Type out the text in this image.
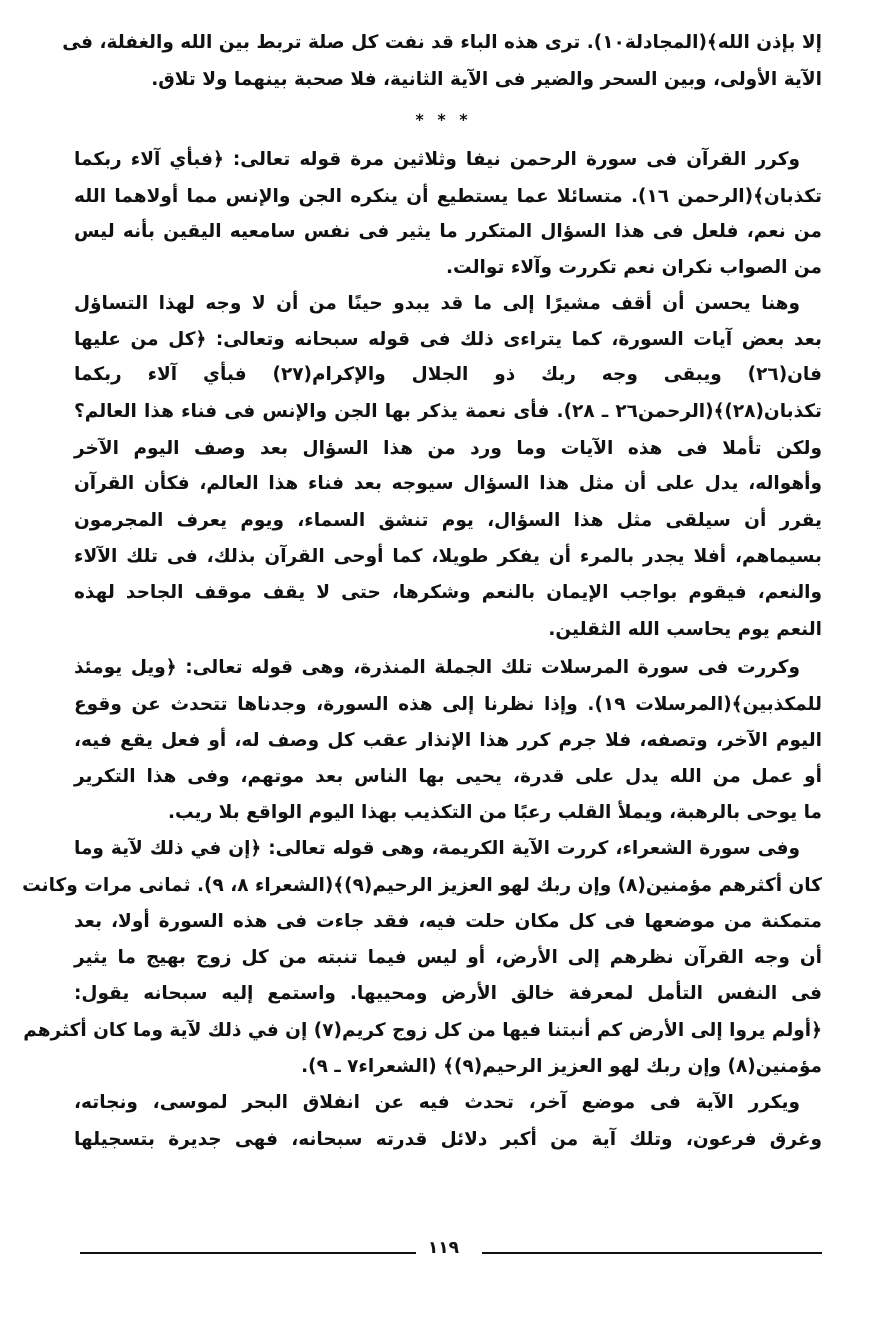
* * *
١١٩
إلا بإذن الله﴾(المجادلة١٠). ترى هذه الباء قد نفت كل صلة تربط بين الله والغفلة، فى
الآية الأولى، وبين السحر والضير فى الآية الثانية، فلا صحبة بينهما ولا تلاق.
وكرر القرآن فى سورة الرحمن نيفا وثلاثين مرة قوله تعالى: ﴿فبأي آلاء ربكما
تكذبان﴾(الرحمن ١٦). متسائلا عما يستطيع أن ينكره الجن والإنس مما أولاهما الله
من نعم، فلعل فى هذا السؤال المتكرر ما يثير فى نفس سامعيه اليقين بأنه ليس
من الصواب نكران نعم تكررت وآلاء توالت.
وهنا يحسن أن أقف مشيرًا إلى ما قد يبدو حينًا من أن لا وجه لهذا التساؤل
بعد بعض آيات السورة، كما يتراءى ذلك فى قوله سبحانه وتعالى: ﴿كل من عليها
فان(٢٦) ويبقى وجه ربك ذو الجلال والإكرام(٢٧) فبأي آلاء ربكما
تكذبان(٢٨)﴾(الرحمن٢٦ ـ ٢٨). فأى نعمة يذكر بها الجن والإنس فى فناء هذا العالم؟
ولكن تأملا فى هذه الآيات وما ورد من هذا السؤال بعد وصف اليوم الآخر
وأهواله، يدل على أن مثل هذا السؤال سيوجه بعد فناء هذا العالم، فكأن القرآن
يقرر أن سيلقى مثل هذا السؤال، يوم تنشق السماء، ويوم يعرف المجرمون
بسيماهم، أفلا يجدر بالمرء أن يفكر طويلا، كما أوحى القرآن بذلك، فى تلك الآلاء
والنعم، فيقوم بواجب الإيمان بالنعم وشكرها، حتى لا يقف موقف الجاحد لهذه
النعم يوم يحاسب الله الثقلين.
وكررت فى سورة المرسلات تلك الجملة المنذرة، وهى قوله تعالى: ﴿ويل يومئذ
للمكذبين﴾(المرسلات ١٩). وإذا نظرنا إلى هذه السورة، وجدناها تتحدث عن وقوع
اليوم الآخر، وتصفه، فلا جرم كرر هذا الإنذار عقب كل وصف له، أو فعل يقع فيه،
أو عمل من الله يدل على قدرة، يحيى بها الناس بعد موتهم، وفى هذا التكرير
ما يوحى بالرهبة، ويملأ القلب رعبًا من التكذيب بهذا اليوم الواقع بلا ريب.
وفى سورة الشعراء، كررت الآية الكريمة، وهى قوله تعالى: ﴿إن في ذلك لآية وما
كان أكثرهم مؤمنين(٨) وإن ربك لهو العزيز الرحيم(٩)﴾(الشعراء ٨، ٩). ثمانى مرات وكانت
متمكنة من موضعها فى كل مكان حلت فيه، فقد جاءت فى هذه السورة أولا، بعد
أن وجه القرآن نظرهم إلى الأرض، أو ليس فيما تنبته من كل زوج بهيج ما يثير
فى النفس التأمل لمعرفة خالق الأرض ومحييها. واستمع إليه سبحانه يقول:
﴿أولم يروا إلى الأرض كم أنبتنا فيها من كل زوج كريم(٧) إن في ذلك لآية وما كان أكثرهم
مؤمنين(٨) وإن ربك لهو العزيز الرحيم(٩)﴾ (الشعراء٧ ـ ٩).
ويكرر الآية فى موضع آخر، تحدث فيه عن انفلاق البحر لموسى، ونجاته،
وغرق فرعون، وتلك آية من أكبر دلائل قدرته سبحانه، فهى جديرة بتسجيلها
